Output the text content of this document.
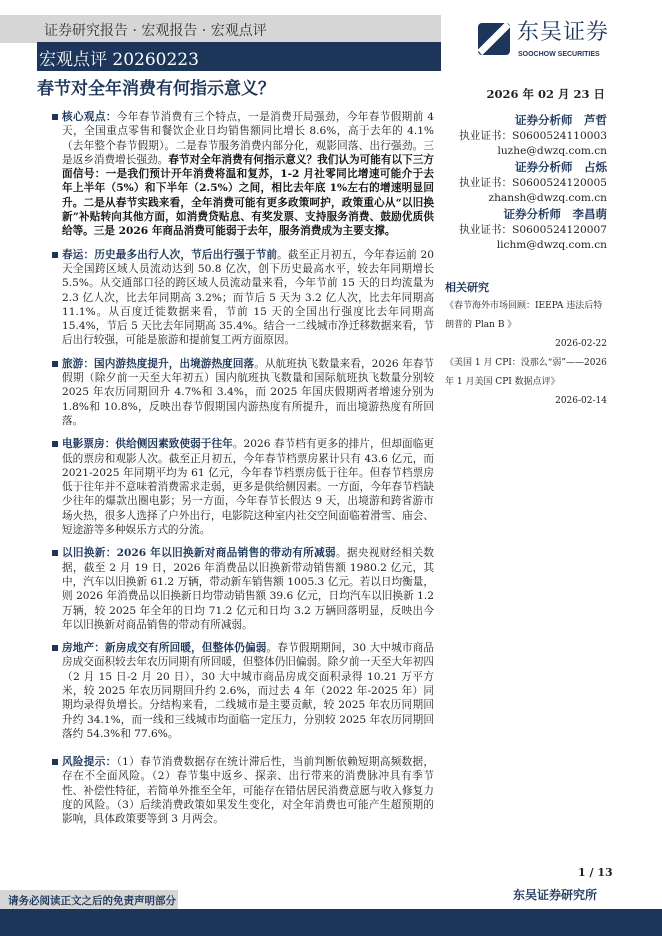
证券研究报告 · 宏观报告 · 宏观点评
宏观点评 20260223
春节对全年消费有何指示意义？
东吴证券
SOOCHOW SECURITIES
2026 年 02 月 23 日
核心观点：今年春节消费有三个特点，一是消费开局强劲，今年春节假期前 4 天，全国重点零售和餐饮企业日均销售额同比增长 8.6%，高于去年的 4.1%（去年整个春节假期）。二是春节服务消费内部分化，观影回落、出行强劲。三是返乡消费增长强劲。春节对全年消费有何指示意义？我们认为可能有以下三方面信号：一是我们预计开年消费将温和复苏，1-2 月社零同比增速可能介于去年上半年（5%）和下半年（2.5%）之间，相比去年底 1%左右的增速明显回升。二是从春节实践来看，全年消费可能有更多政策呵护，政策重心从“以旧换新”补贴转向其他方面，如消费贷贴息、有奖发票、支持服务消费、鼓励优质供给等。三是 2026 年商品消费可能弱于去年，服务消费成为主要支撑。
春运：历史最多出行人次，节后出行强于节前。截至正月初五，今年春运前 20 天全国跨区域人员流动达到 50.8 亿次，创下历史最高水平，较去年同期增长 5.5%。从交通部口径的跨区域人员流动量来看，今年节前 15 天的日均流量为 2.3 亿人次，比去年同期高 3.2%；而节后 5 天为 3.2 亿人次，比去年同期高 11.1%。从百度迁徙数据来看，节前 15 天的全国出行强度比去年同期高 15.4%，节后 5 天比去年同期高 35.4%。结合一二线城市净迁移数据来看，节后出行较强，可能是旅游和提前复工两方面原因。
旅游：国内游热度提升，出境游热度回落。从航班执飞数量来看，2026 年春节假期（除夕前一天至大年初五）国内航班执飞数量和国际航班执飞数量分别较 2025 年农历同期回升 4.7%和 3.4%，而 2025 年国庆假期两者增速分别为 1.8%和 10.8%，反映出春节假期国内游热度有所提升，而出境游热度有所回落。
电影票房：供给侧因素致使弱于往年。2026 春节档有更多的排片，但却面临更低的票房和观影人次。截至正月初五，今年春节档票房累计只有 43.6 亿元，而 2021-2025 年同期平均为 61 亿元，今年春节档票房低于往年。但春节档票房低于往年并不意味着消费需求走弱，更多是供给侧因素。一方面，今年春节档缺少往年的爆款出圈电影；另一方面，今年春节长假达 9 天，出境游和跨省游市场火热，很多人选择了户外出行，电影院这种室内社交空间面临着滑雪、庙会、短途游等多种娱乐方式的分流。
以旧换新：2026 年以旧换新对商品销售的带动有所减弱。据央视财经相关数据，截至 2 月 19 日，2026 年消费品以旧换新带动销售额 1980.2 亿元，其中，汽车以旧换新 61.2 万辆，带动新车销售额 1005.3 亿元。若以日均衡量，则 2026 年消费品以旧换新日均带动销售额 39.6 亿元，日均汽车以旧换新 1.2 万辆，较 2025 年全年的日均 71.2 亿元和日均 3.2 万辆回落明显，反映出今年以旧换新对商品销售的带动有所减弱。
房地产：新房成交有所回暖，但整体仍偏弱。春节假期期间，30 大中城市商品房成交面积较去年农历同期有所回暖，但整体仍旧偏弱。除夕前一天至大年初四（2 月 15 日-2 月 20 日），30 大中城市商品房成交面积录得 10.21 万平方米，较 2025 年农历同期回升约 2.6%，而过去 4 年（2022 年-2025 年）同期均录得负增长。分结构来看，二线城市是主要贡献，较 2025 年农历同期回升约 34.1%，而一线和三线城市均面临一定压力，分别较 2025 年农历同期回落约 54.3%和 77.6%。
风险提示：（1）春节消费数据存在统计滞后性，当前判断依赖短期高频数据，存在不全面风险。（2）春节集中返乡、探亲、出行带来的消费脉冲具有季节性、补偿性特征，若简单外推至全年，可能存在错估居民消费意愿与收入修复力度的风险。（3）后续消费政策如果发生变化，对全年消费也可能产生超预期的影响，具体政策要等到 3 月两会。
证券分析师　芦哲
执业证书：S0600524110003
luzhe@dwzq.com.cn
证券分析师　占烁
执业证书：S0600524120005
zhansh@dwzq.com.cn
证券分析师　李昌萌
执业证书：S0600524120007
lichm@dwzq.com.cn
相关研究
《春节海外市场回顾：IEEPA 违法后特朗普的 Plan B 》
2026-02-22
《美国 1 月 CPI：没那么“弱”——2026 年 1 月美国 CPI 数据点评》
2026-02-14
1 / 13
东吴证券研究所
请务必阅读正文之后的免责声明部分
